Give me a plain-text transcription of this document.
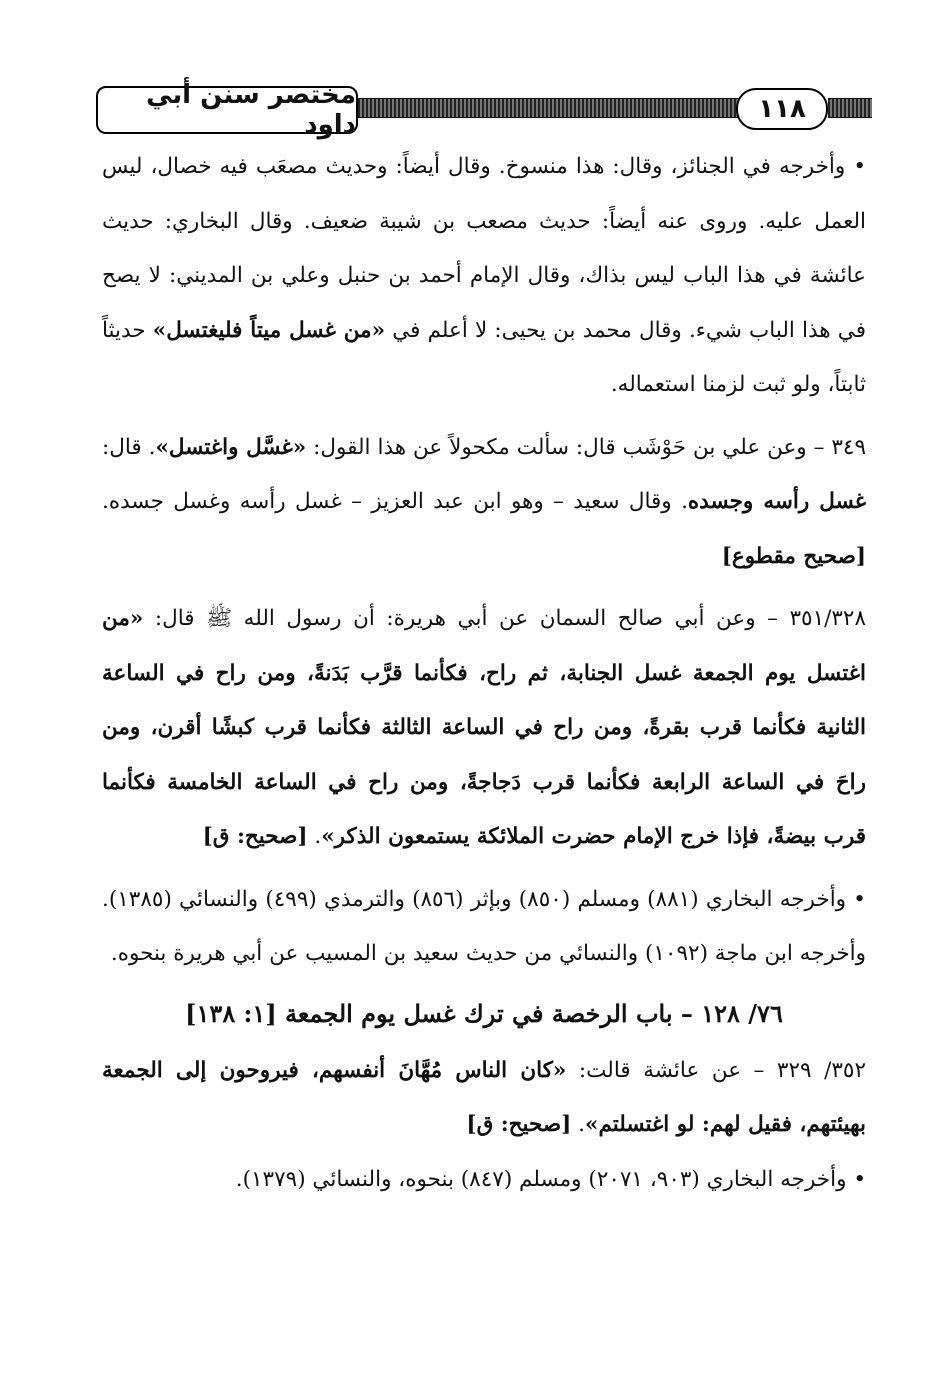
مختصر سنن أبي داود
١١٨

• وأخرجه في الجنائز، وقال: هذا منسوخ. وقال أيضاً: وحديث مصعَب فيه خصال، ليس العمل عليه. وروى عنه أيضاً: حديث مصعب بن شيبة ضعيف. وقال البخاري: حديث عائشة في هذا الباب ليس بذاك، وقال الإمام أحمد بن حنبل وعلي بن المديني: لا يصح في هذا الباب شيء. وقال محمد بن يحيى: لا أعلم في «من غسل ميتاً فليغتسل» حديثاً ثابتاً، ولو ثبت لزمنا استعماله.

٣٤٩ – وعن علي بن حَوْشَب قال: سألت مكحولاً عن هذا القول: «غسَّل واغتسل». قال: غسل رأسه وجسده. وقال سعيد – وهو ابن عبد العزيز – غسل رأسه وغسل جسده. [صحيح مقطوع]

٣٥١/٣٢٨ – وعن أبي صالح السمان عن أبي هريرة: أن رسول الله ﷺ قال: «من اغتسل يوم الجمعة غسل الجنابة، ثم راح، فكأنما قرَّب بَدَنةً، ومن راح في الساعة الثانية فكأنما قرب بقرةً، ومن راح في الساعة الثالثة فكأنما قرب كبشًا أقرن، ومن راحَ في الساعة الرابعة فكأنما قرب دَجاجةً، ومن راح في الساعة الخامسة فكأنما قرب بيضةً، فإذا خرج الإمام حضرت الملائكة يستمعون الذكر». [صحيح: ق]

• وأخرجه البخاري (٨٨١) ومسلم (٨٥٠) وبإثر (٨٥٦) والترمذي (٤٩٩) والنسائي (١٣٨٥). وأخرجه ابن ماجة (١٠٩٢) والنسائي من حديث سعيد بن المسيب عن أبي هريرة بنحوه.

٧٦/ ١٢٨ – باب الرخصة في ترك غسل يوم الجمعة [١: ١٣٨]

٣٥٢/ ٣٢٩ – عن عائشة قالت: «كان الناس مُهَّانَ أنفسهم، فيروحون إلى الجمعة بهيئتهم، فقيل لهم: لو اغتسلتم». [صحيح: ق]

• وأخرجه البخاري (٩٠٣، ٢٠٧١) ومسلم (٨٤٧) بنحوه، والنسائي (١٣٧٩).
